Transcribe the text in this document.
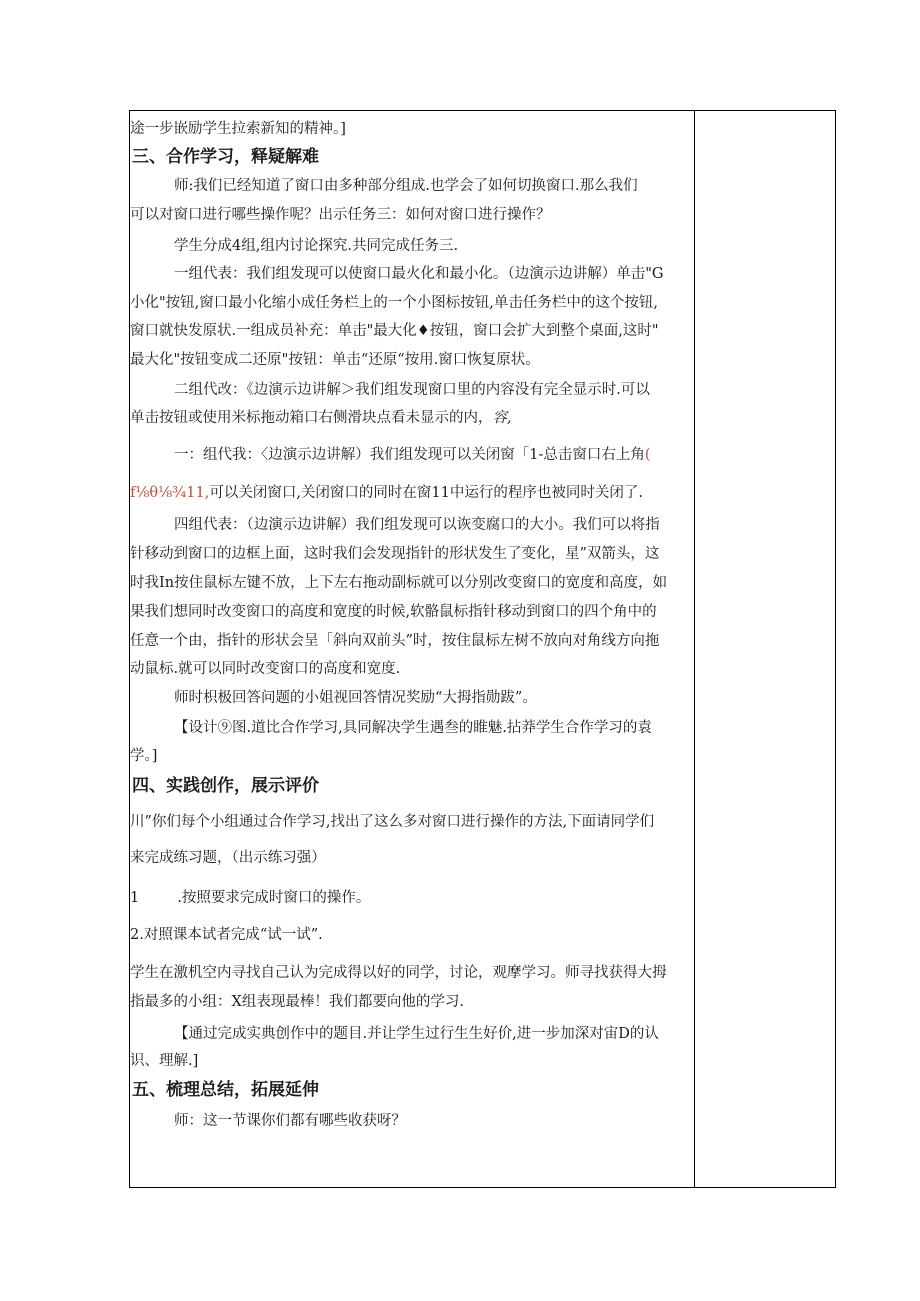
途一步嵌励学生拉索新知的精神。]
三、合作学习，释疑解难
师:我们已经知道了窗口由多种部分组成.也学会了如何切换窗口.那么我们
可以对窗口进行哪些操作呢？出示任务三：如何对窗口进行操作？
学生分成4组,组内讨论探究.共同完成任务三.
一组代表：我们组发现可以使窗口最火化和最小化。（边演示边讲解）单击"G
小化"按钮,窗口最小化缩小成任务栏上的一个小图标按钮,单击任务栏中的这个按钮,
窗口就快发原状.一组成员补充：单击"最大化♦按钮，窗口会扩大到整个桌面,这时"
最大化"按钮变成二还原"按钮：单击“还原“按用.窗口恢复原状。
二组代改：《边演示边讲解＞我们组发现窗口里的内容没有完全显示时.可以
单击按钮或使用米标拖动箱口右侧滑块点看未显示的内，容,
一：组代我：〈边演示边讲解）我们组发现可以关闭窗「1-总击窗口右上角(
f⅛θ⅛¾11,可以关闭窗口,关闭窗口的同时在窗11中运行的程序也被同时关闭了.
四组代表：（边演示边讲解）我们组发现可以诙变腐口的大小。我们可以将指
针移动到窗口的边框上面，这时我们会发现指针的形状发生了变化，星”双箭头，这
时我In按住鼠标左键不放，上下左右拖动副标就可以分别改变窗口的宽度和高度，如
果我们想同时改变窗口的高度和宽度的时候,软骼鼠标指针移动到窗口的四个角中的
任意一个由，指针的形状会呈「斜向双前头”时，按住鼠标左树不放向对角线方向拖
动鼠标.就可以同时改变窗口的高度和宽度.
师时枳极回答问题的小姐视回答情况奖励“大拇指勋跋”。
【设计⑨图.道比合作学习,具同解决学生遇叁的睢魅.拈莽学生合作学习的袁
学。]
四、实践创作，展示评价
川”你们每个小组通过合作学习,找出了这么多对窗口进行操作的方法,下面请同学们
来完成练习题，（出示练习强）
1	.按照要求完成时窗口的操作。
2.对照课本试者完成“试一试”.
学生在激机空内寻找自己认为完成得以好的同学，讨论，观摩学习。师寻找获得大拇
指最多的小组：X组表现最棒！我们都要向他的学习.
【通过完成实典创作中的题目.并让学生过行生生好价,进一步加深对宙D的认
识、理解.]
五、梳理总结，拓展延伸
师：这一节课你们都有哪些收获呀？
